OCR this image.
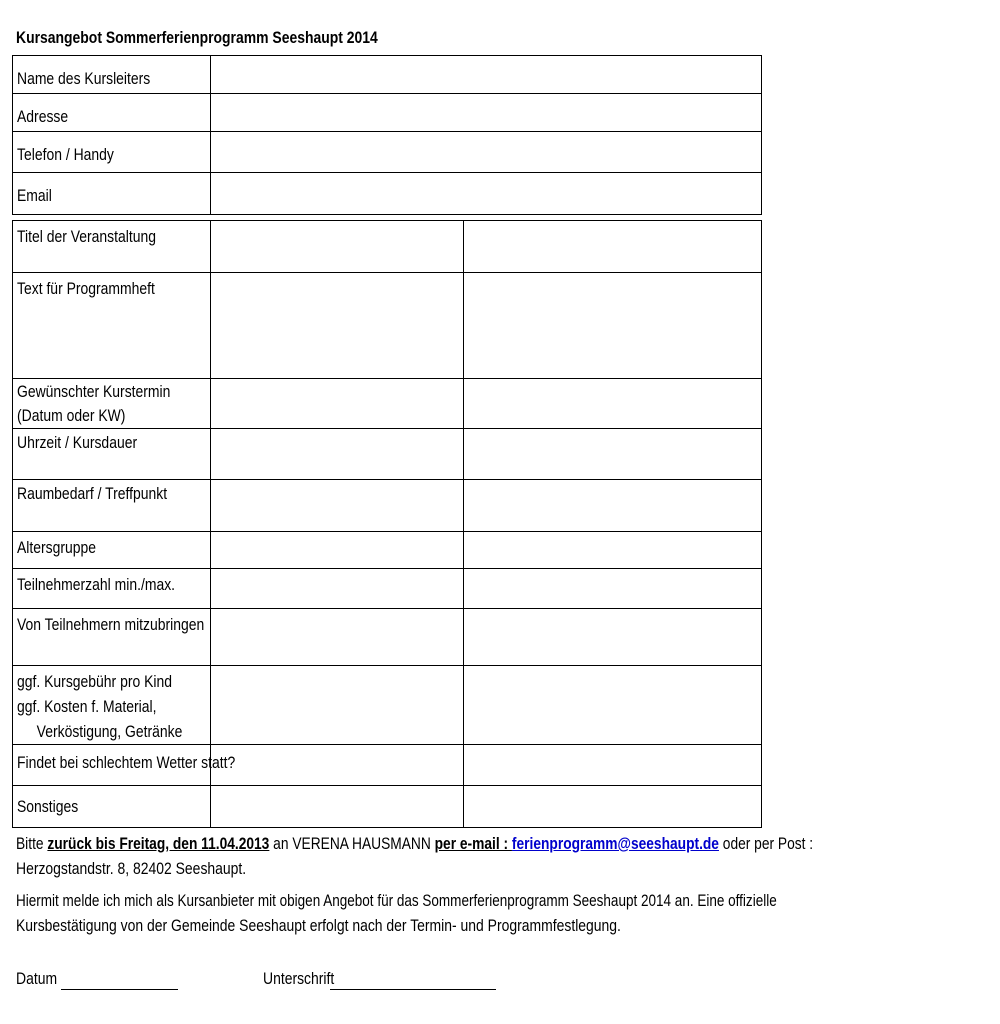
Kursangebot Sommerferienprogramm Seeshaupt 2014
Name des Kursleiters	
Adresse	
Telefon / Handy	
Email	
Titel der Veranstaltung		
Text für Programmheft		
Gewünschter Kurstermin
(Datum oder KW)		
Uhrzeit / Kursdauer		
Raumbedarf / Treffpunkt		
Altersgruppe		
Teilnehmerzahl min./max.		
Von Teilnehmern mitzubringen		
ggf. Kursgebühr pro Kind
ggf. Kosten f. Material,
Verköstigung, Getränke		
Findet bei schlechtem Wetter statt?		
Sonstiges		
Bitte zurück bis Freitag, den 11.04.2013 an VERENA HAUSMANN per e-mail : ferienprogramm@seeshaupt.de oder per Post :
Herzogstandstr. 8, 82402 Seeshaupt.
Hiermit melde ich mich als Kursanbieter mit obigen Angebot für das Sommerferienprogramm Seeshaupt 2014 an. Eine offizielle
Kursbestätigung von der Gemeinde Seeshaupt erfolgt nach der Termin- und Programmfestlegung.
Datum	Unterschrift
